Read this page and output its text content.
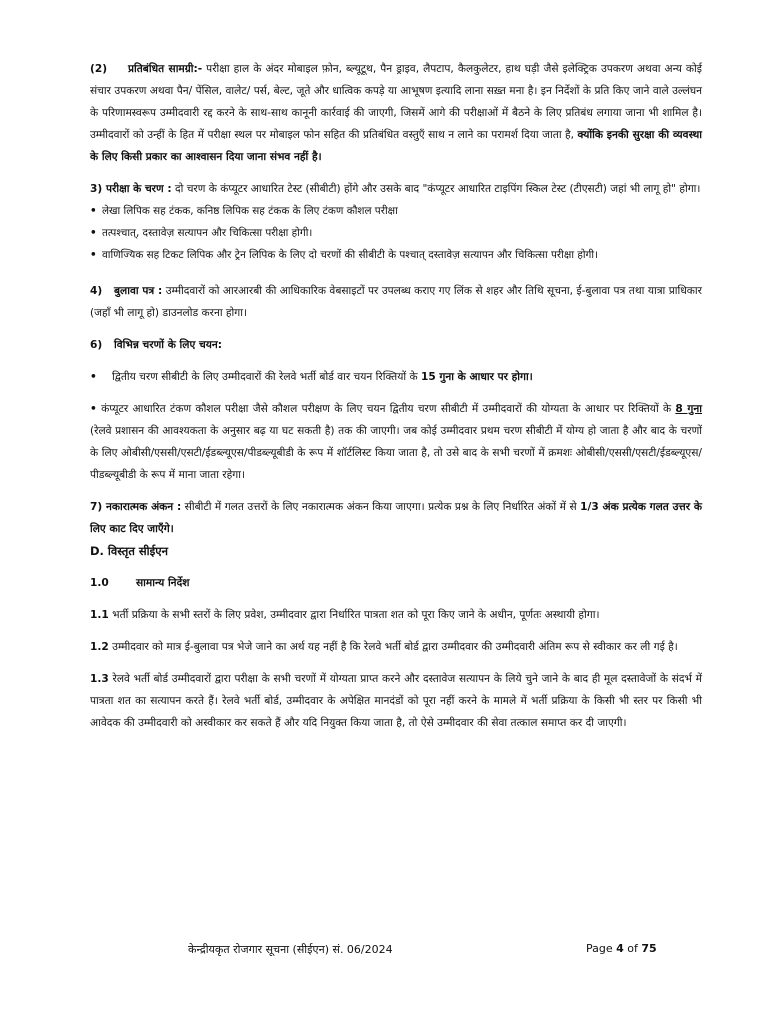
(2) प्रतिबंधित सामग्री:- परीक्षा हाल के अंदर मोबाइल फ़ोन, ब्ल्यूटूथ, पैन ड्राइव, लैपटाप, कैलकुलेटर, हाथ घड़ी जैसे इलेक्ट्रिक उपकरण अथवा अन्य कोई संचार उपकरण अथवा पैन/ पेंसिल, वालेट/ पर्स, बेल्ट, जूते और धात्विक कपड़े या आभूषण इत्यादि लाना सख़्त मना है। इन निर्देशों के प्रति किए जाने वाले उल्लंघन के परिणामस्वरूप उम्मीदवारी रद्द करने के साथ-साथ कानूनी कार्रवाई की जाएगी, जिसमें आगे की परीक्षाओं में बैठने के लिए प्रतिबंध लगाया जाना भी शामिल है।उम्मीदवारों को उन्हीं के हित में परीक्षा स्थल पर मोबाइल फोन सहित की प्रतिबंधित वस्तुएँ साथ न लाने का परामर्श दिया जाता है, क्योंकि इनकी सुरक्षा की व्यवस्था के लिए किसी प्रकार का आश्वासन दिया जाना संभव नहीं है।

3) परीक्षा के चरण : दो चरण के कंप्यूटर आधारित टेस्ट (सीबीटी) होंगे और उसके बाद "कंप्यूटर आधारित टाइपिंग स्किल टेस्ट (टीएसटी) जहां भी लागू हो" होगा।

• लेखा लिपिक सह टंकक, कनिष्ठ लिपिक सह टंकक के लिए टंकण कौशल परीक्षा

• तत्पश्चात्, दस्तावेज़ सत्यापन और चिकित्सा परीक्षा होगी।

• वाणिज्यिक सह टिकट लिपिक और ट्रेन लिपिक के लिए दो चरणों की सीबीटी के पश्चात् दस्तावेज़ सत्यापन और चिकित्सा परीक्षा होगी।

4) बुलावा पत्र : उम्मीदवारों को आरआरबी की आधिकारिक वेबसाइटों पर उपलब्ध कराए गए लिंक से शहर और तिथि सूचना, ई-बुलावा पत्र तथा यात्रा प्राधिकार (जहाँ भी लागू हो) डाउनलोड करना होगा।

6) विभिन्न चरणों के लिए चयन:

• द्वितीय चरण सीबीटी के लिए उम्मीदवारों की रेलवे भर्ती बोर्ड वार चयन रिक्तियों के 15 गुना के आधार पर होगा।

• कंप्यूटर आधारित टंकण कौशल परीक्षा जैसे कौशल परीक्षण के लिए चयन द्वितीय चरण सीबीटी में उम्मीदवारों की योग्यता के आधार पर रिक्तियों के 8 गुना (रेलवे प्रशासन की आवश्यकता के अनुसार बढ़ या घट सकती है) तक की जाएगी। जब कोई उम्मीदवार प्रथम चरण सीबीटी में योग्य हो जाता है और बाद के चरणों के लिए ओबीसी/एससी/एसटी/ईडब्ल्यूएस/पीडब्ल्यूबीडी के रूप में शॉर्टलिस्ट किया जाता है, तो उसे बाद के सभी चरणों में क्रमशः ओबीसी/एससी/एसटी/ईडब्ल्यूएस/पीडब्ल्यूबीडी के रूप में माना जाता रहेगा।

7) नकारात्मक अंकन : सीबीटी में गलत उत्तरों के लिए नकारात्मक अंकन किया जाएगा। प्रत्येक प्रश्न के लिए निर्धारित अंकों में से 1/3 अंक प्रत्येक गलत उत्तर के लिए काट दिए जाएँगे।

D. विस्तृत सीईएन

1.0	सामान्य निर्देश

1.1 भर्ती प्रक्रिया के सभी स्तरों के लिए प्रवेश, उम्मीदवार द्वारा निर्धारित पात्रता शत को पूरा किए जाने के अधीन, पूर्णतः अस्थायी होगा।

1.2 उम्मीदवार को मात्र ई-बुलावा पत्र भेजे जाने का अर्थ यह नहीं है कि रेलवे भर्ती बोर्ड द्वारा उम्मीदवार की उम्मीदवारी अंतिम रूप से स्वीकार कर ली गई है।

1.3 रेलवे भर्ती बोर्ड उम्मीदवारों द्वारा परीक्षा के सभी चरणों में योग्यता प्राप्त करने और दस्तावेज सत्यापन के लिये चुने जाने के बाद ही मूल दस्तावेजों के संदर्भ में पात्रता शत का सत्यापन करते हैं। रेलवे भर्ती बोर्ड, उम्मीदवार के अपेक्षित मानदंडों को पूरा नहीं करने के मामले में भर्ती प्रक्रिया के किसी भी स्तर पर किसी भी आवेदक की उम्मीदवारी को अस्वीकार कर सकते हैं और यदि नियुक्त किया जाता है, तो ऐसे उम्मीदवार की सेवा तत्काल समाप्त कर दी जाएगी।

केन्द्रीयकृत रोजगार सूचना (सीईएन) सं. 06/2024	Page 4 of 75
